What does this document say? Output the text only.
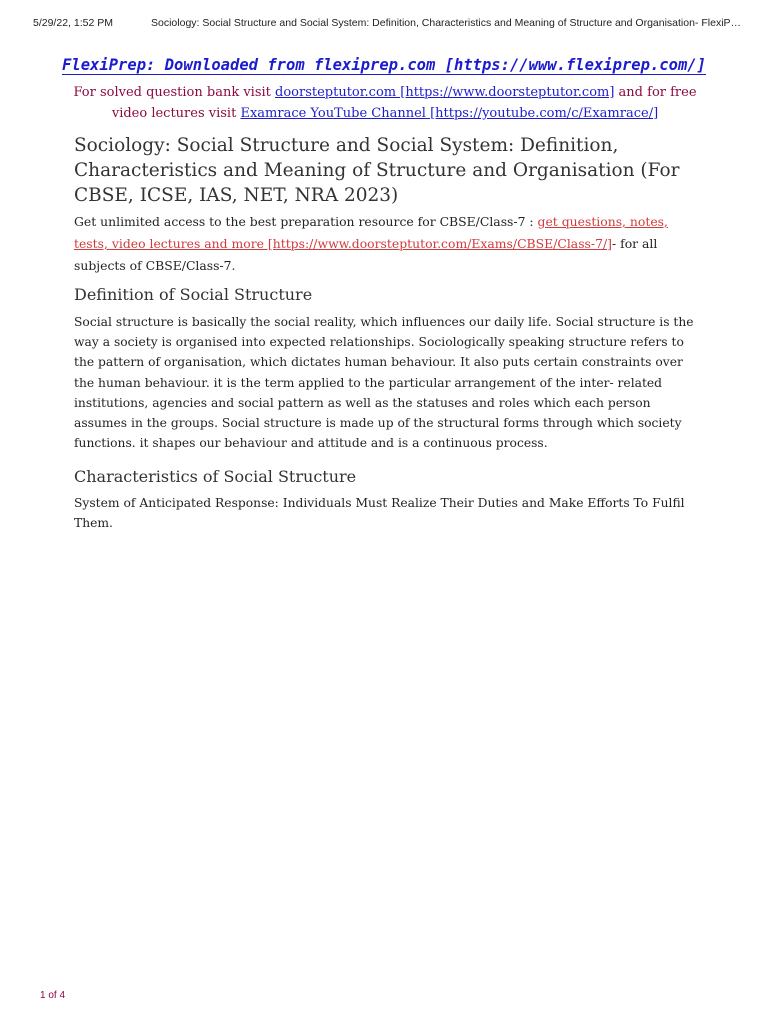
5/29/22, 1:52 PM	Sociology: Social Structure and Social System: Definition, Characteristics and Meaning of Structure and Organisation- FlexiP…
FlexiPrep: Downloaded from flexiprep.com [https://www.flexiprep.com/]
For solved question bank visit doorsteptutor.com [https://www.doorsteptutor.com] and for free video lectures visit Examrace YouTube Channel [https://youtube.com/c/Examrace/]
Sociology: Social Structure and Social System: Definition, Characteristics and Meaning of Structure and Organisation (For CBSE, ICSE, IAS, NET, NRA 2023)
Get unlimited access to the best preparation resource for CBSE/Class-7 : get questions, notes, tests, video lectures and more [https://www.doorsteptutor.com/Exams/CBSE/Class-7/]- for all subjects of CBSE/Class-7.
Definition of Social Structure

Social structure is basically the social reality, which influences our daily life. Social structure is the way a society is organised into expected relationships. Sociologically speaking structure refers to the pattern of organisation, which dictates human behaviour. It also puts certain constraints over the human behaviour. it is the term applied to the particular arrangement of the inter- related institutions, agencies and social pattern as well as the statuses and roles which each person assumes in the groups. Social structure is made up of the structural forms through which society functions. it shapes our behaviour and attitude and is a continuous process.

Characteristics of Social Structure

System of Anticipated Response: Individuals Must Realize Their Duties and Make Efforts To Fulfil Them.

1 of 4
